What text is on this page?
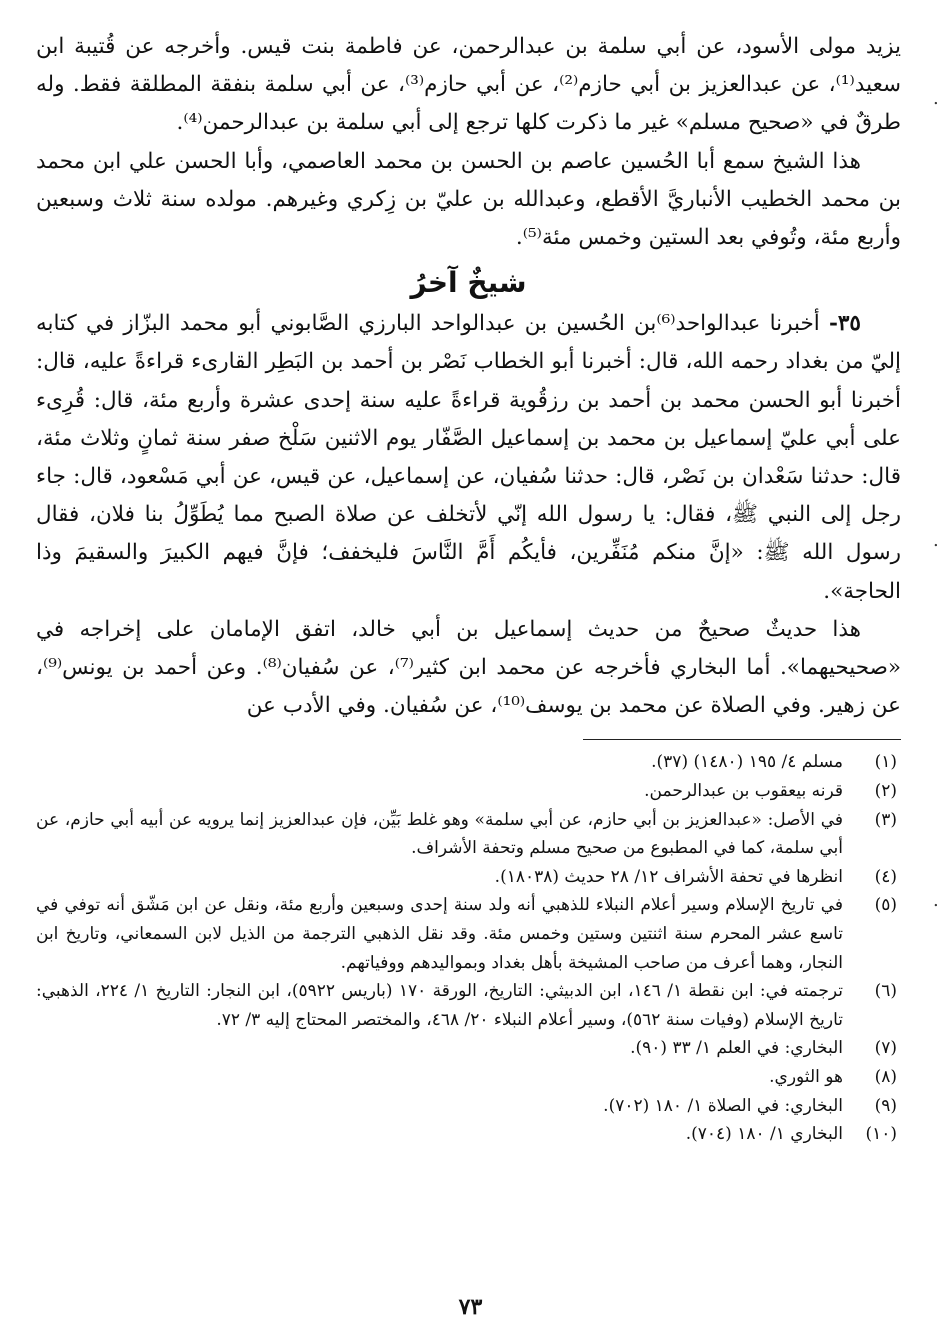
يزيد مولى الأسود، عن أبي سلمة بن عبدالرحمن، عن فاطمة بنت قيس. وأخرجه عن قُتيبة ابن سعيد⁽¹⁾، عن عبدالعزيز بن أبي حازم⁽²⁾، عن أبي حازم⁽³⁾، عن أبي سلمة بنفقة المطلقة فقط. وله طرقٌ في «صحيح مسلم» غير ما ذكرت كلها ترجع إلى أبي سلمة بن عبدالرحمن⁽⁴⁾.

هذا الشيخ سمع أبا الحُسين عاصم بن الحسن بن محمد العاصمي، وأبا الحسن علي ابن محمد بن محمد الخطيب الأنباريَّ الأقطع، وعبدالله بن عليّ بن زِكري وغيرهم. مولده سنة ثلاث وسبعين وأربع مئة، وتُوفي بعد الستين وخمس مئة⁽⁵⁾.

شيخٌ آخرُ

٣٥- أخبرنا عبدالواحد⁽⁶⁾بن الحُسين بن عبدالواحد البارزي الصَّابوني أبو محمد البزّاز في كتابه إليّ من بغداد رحمه الله، قال: أخبرنا أبو الخطاب نَصْر بن أحمد بن البَطِر القارىء قراءةً عليه، قال: أخبرنا أبو الحسن محمد بن أحمد بن رزقُوية قراءةً عليه سنة إحدى عشرة وأربع مئة، قال: قُرِىء على أبي عليّ إسماعيل بن محمد بن إسماعيل الصَّفّار يوم الاثنين سَلْخ صفر سنة ثمانٍ وثلاث مئة، قال: حدثنا سَعْدان بن نَصْر، قال: حدثنا سُفيان، عن إسماعيل، عن قيس، عن أبي مَسْعود، قال: جاء رجل إلى النبي ﷺ، فقال: يا رسول الله إنّي لأتخلف عن صلاة الصبح مما يُطَوِّلُ بنا فلان، فقال رسول الله ﷺ: «إنَّ منكم مُنَفِّرين، فأيكُم أَمَّ النَّاسَ فليخفف؛ فإنَّ فيهم الكبيرَ والسقيمَ وذا الحاجة».

هذا حديثٌ صحيحٌ من حديث إسماعيل بن أبي خالد، اتفق الإمامان على إخراجه في «صحيحيهما». أما البخاري فأخرجه عن محمد ابن كثير⁽⁷⁾، عن سُفيان⁽⁸⁾. وعن أحمد بن يونس⁽⁹⁾، عن زهير. وفي الصلاة عن محمد بن يوسف⁽¹⁰⁾، عن سُفيان. وفي الأدب عن

(١)
مسلم ٤/ ١٩٥ (١٤٨٠) (٣٧).
(٢)
قرنه بيعقوب بن عبدالرحمن.
(٣)
في الأصل: «عبدالعزيز بن أبي حازم، عن أبي سلمة» وهو غلط بَيِّن، فإن عبدالعزيز إنما يرويه عن أبيه أبي حازم، عن أبي سلمة، كما في المطبوع من صحيح مسلم وتحفة الأشراف.
(٤)
انظرها في تحفة الأشراف ١٢/ ٢٨ حديث (١٨٠٣٨).
(٥)
في تاريخ الإسلام وسير أعلام النبلاء للذهبي أنه ولد سنة إحدى وسبعين وأربع مئة، ونقل عن ابن مَشّق أنه توفي في تاسع عشر المحرم سنة اثنتين وستين وخمس مئة. وقد نقل الذهبي الترجمة من الذيل لابن السمعاني، وتاريخ ابن النجار، وهما أعرف من صاحب المشيخة بأهل بغداد وبمواليدهم ووفياتهم.
(٦)
ترجمته في: ابن نقطة ١/ ١٤٦، ابن الدبيثي: التاريخ، الورقة ١٧٠ (باريس ٥٩٢٢)، ابن النجار: التاريخ ١/ ٢٢٤، الذهبي: تاريخ الإسلام (وفيات سنة ٥٦٢)، وسير أعلام النبلاء ٢٠/ ٤٦٨، والمختصر المحتاج إليه ٣/ ٧٢.
(٧)
البخاري: في العلم ١/ ٣٣ (٩٠).
(٨)
هو الثوري.
(٩)
البخاري: في الصلاة ١/ ١٨٠ (٧٠٢).
(١٠)
البخاري ١/ ١٨٠ (٧٠٤).
.
.
.
٧٣
